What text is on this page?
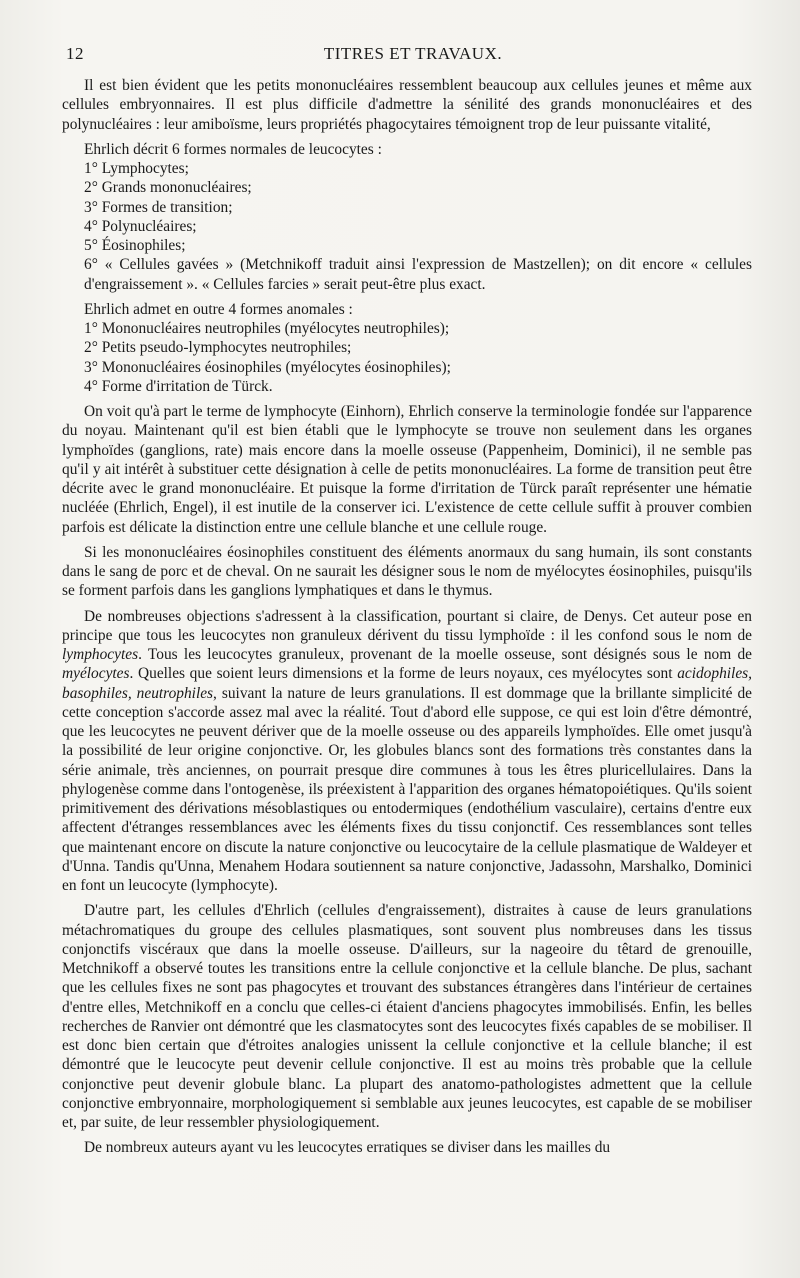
12	TITRES ET TRAVAUX.

Il est bien évident que les petits mononucléaires ressemblent beaucoup aux cellules jeunes et même aux cellules embryonnaires. Il est plus difficile d'admettre la sénilité des grands mononucléaires et des polynucléaires : leur amiboïsme, leurs propriétés phagocytaires témoignent trop de leur puissante vitalité,

Ehrlich décrit 6 formes normales de leucocytes :

1° Lymphocytes;
2° Grands mononucléaires;
3° Formes de transition;
4° Polynucléaires;
5° Éosinophiles;
6° « Cellules gavées » (Metchnikoff traduit ainsi l'expression de Mastzellen); on dit encore « cellules d'engraissement ». « Cellules farcies » serait peut-être plus exact.

Ehrlich admet en outre 4 formes anomales :

1° Mononucléaires neutrophiles (myélocytes neutrophiles);
2° Petits pseudo-lymphocytes neutrophiles;
3° Mononucléaires éosinophiles (myélocytes éosinophiles);
4° Forme d'irritation de Türck.

On voit qu'à part le terme de lymphocyte (Einhorn), Ehrlich conserve la terminologie fondée sur l'apparence du noyau. Maintenant qu'il est bien établi que le lymphocyte se trouve non seulement dans les organes lymphoïdes (ganglions, rate) mais encore dans la moelle osseuse (Pappenheim, Dominici), il ne semble pas qu'il y ait intérêt à substituer cette désignation à celle de petits mononucléaires. La forme de transition peut être décrite avec le grand mononucléaire. Et puisque la forme d'irritation de Türck paraît représenter une hématie nucléée (Ehrlich, Engel), il est inutile de la conserver ici. L'existence de cette cellule suffit à prouver combien parfois est délicate la distinction entre une cellule blanche et une cellule rouge.

Si les mononucléaires éosinophiles constituent des éléments anormaux du sang humain, ils sont constants dans le sang de porc et de cheval. On ne saurait les désigner sous le nom de myélocytes éosinophiles, puisqu'ils se forment parfois dans les ganglions lymphatiques et dans le thymus.

De nombreuses objections s'adressent à la classification, pourtant si claire, de Denys. Cet auteur pose en principe que tous les leucocytes non granuleux dérivent du tissu lymphoïde : il les confond sous le nom de lymphocytes. Tous les leucocytes granuleux, provenant de la moelle osseuse, sont désignés sous le nom de myélocytes. Quelles que soient leurs dimensions et la forme de leurs noyaux, ces myélocytes sont acidophiles, basophiles, neutrophiles, suivant la nature de leurs granulations. Il est dommage que la brillante simplicité de cette conception s'accorde assez mal avec la réalité. Tout d'abord elle suppose, ce qui est loin d'être démontré, que les leucocytes ne peuvent dériver que de la moelle osseuse ou des appareils lymphoïdes. Elle omet jusqu'à la possibilité de leur origine conjonctive. Or, les globules blancs sont des formations très constantes dans la série animale, très anciennes, on pourrait presque dire communes à tous les êtres pluricellulaires. Dans la phylogenèse comme dans l'ontogenèse, ils préexistent à l'apparition des organes hématopoiétiques. Qu'ils soient primitivement des dérivations mésoblastiques ou entodermiques (endothélium vasculaire), certains d'entre eux affectent d'étranges ressemblances avec les éléments fixes du tissu conjonctif. Ces ressemblances sont telles que maintenant encore on discute la nature conjonctive ou leucocytaire de la cellule plasmatique de Waldeyer et d'Unna. Tandis qu'Unna, Menahem Hodara soutiennent sa nature conjonctive, Jadassohn, Marshalko, Dominici en font un leucocyte (lymphocyte).

D'autre part, les cellules d'Ehrlich (cellules d'engraissement), distraites à cause de leurs granulations métachromatiques du groupe des cellules plasmatiques, sont souvent plus nombreuses dans les tissus conjonctifs viscéraux que dans la moelle osseuse. D'ailleurs, sur la nageoire du têtard de grenouille, Metchnikoff a observé toutes les transitions entre la cellule conjonctive et la cellule blanche. De plus, sachant que les cellules fixes ne sont pas phagocytes et trouvant des substances étrangères dans l'intérieur de certaines d'entre elles, Metchnikoff en a conclu que celles-ci étaient d'anciens phagocytes immobilisés. Enfin, les belles recherches de Ranvier ont démontré que les clasmatocytes sont des leucocytes fixés capables de se mobiliser. Il est donc bien certain que d'étroites analogies unissent la cellule conjonctive et la cellule blanche; il est démontré que le leucocyte peut devenir cellule conjonctive. Il est au moins très probable que la cellule conjonctive peut devenir globule blanc. La plupart des anatomo-pathologistes admettent que la cellule conjonctive embryonnaire, morphologiquement si semblable aux jeunes leucocytes, est capable de se mobiliser et, par suite, de leur ressembler physiologiquement.

De nombreux auteurs ayant vu les leucocytes erratiques se diviser dans les mailles du
